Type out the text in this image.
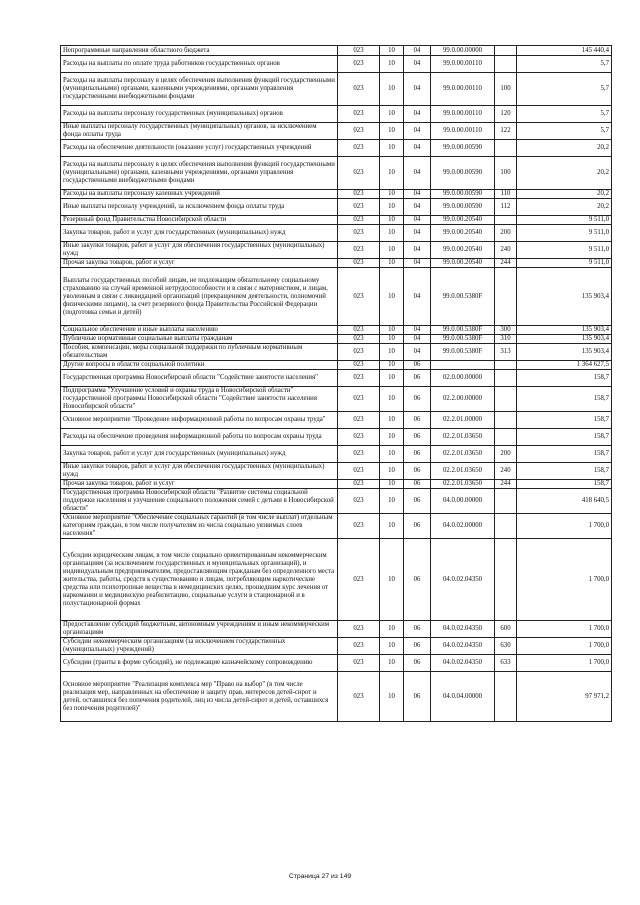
Непрограммные направления областного бюджета	023	10	04	99.0.00.00000		145 440,4
Расходы на выплаты по оплате труда работников государственных органов	023	10	04	99.0.00.00110		5,7
Расходы на выплаты персоналу в целях обеспечения выполнения функций государственными (муниципальными) органами, казенными учреждениями, органами управления государственными внебюджетными фондами	023	10	04	99.0.00.00110	100	5,7
Расходы на выплаты персоналу государственных (муниципальных) органов	023	10	04	99.0.00.00110	120	5,7
Иные выплаты персоналу государственных (муниципальных) органов, за исключением фонда оплаты труда	023	10	04	99.0.00.00110	122	5,7
Расходы на обеспечение деятельности (оказание услуг) государственных учреждений	023	10	04	99.0.00.00590		20,2
Расходы на выплаты персоналу в целях обеспечения выполнения функций государственными (муниципальными) органами, казенными учреждениями, органами управления государственными внебюджетными фондами	023	10	04	99.0.00.00590	100	20,2
Расходы на выплаты персоналу казенных учреждений	023	10	04	99.0.00.00590	110	20,2
Иные выплаты персоналу учреждений, за исключением фонда оплаты труда	023	10	04	99.0.00.00590	112	20,2
Резервный фонд Правительства Новосибирской области	023	10	04	99.0.00.20540		9 511,0
Закупка товаров, работ и услуг для государственных (муниципальных) нужд	023	10	04	99.0.00.20540	200	9 511,0
Иные закупки товаров, работ и услуг для обеспечения государственных (муниципальных) нужд	023	10	04	99.0.00.20540	240	9 511,0
Прочая закупка товаров, работ и услуг	023	10	04	99.0.00.20540	244	9 511,0
Выплаты государственных пособий лицам, не подлежащим обязательному социальному страхованию на случай временной нетрудоспособности и в связи с материнством, и лицам, уволенным в связи с ликвидацией организаций (прекращением деятельности, полномочий физическими лицами), за счет резервного фонда Правительства Российской Федерации (подготовка семьи и детей)	023	10	04	99.0.00.5380F		135 903,4
Социальное обеспечение и иные выплаты населению	023	10	04	99.0.00.5380F	300	135 903,4
Публичные нормативные социальные выплаты гражданам	023	10	04	99.0.00.5380F	310	135 903,4
Пособия, компенсации, меры социальной поддержки по публичным нормативным обязательствам	023	10	04	99.0.00.5380F	313	135 903,4
Другие вопросы в области социальной политики	023	10	06			1 364 627,5
Государственная программа Новосибирской области "Содействие занятости населения"	023	10	06	02.0.00.00000		158,7
Подпрограмма "Улучшение условий и охраны труда в Новосибирской области" государственной программы Новосибирской области "Содействие занятости населения Новосибирской области"	023	10	06	02.2.00.00000		158,7
Основное мероприятие "Проведение информационной работы по вопросам охраны труда"	023	10	06	02.2.01.00000		158,7
Расходы на обеспечение проведения информационной работы по вопросам охраны труда	023	10	06	02.2.01.03650		158,7
Закупка товаров, работ и услуг для государственных (муниципальных) нужд	023	10	06	02.2.01.03650	200	158,7
Иные закупки товаров, работ и услуг для обеспечения государственных (муниципальных) нужд	023	10	06	02.2.01.03650	240	158,7
Прочая закупка товаров, работ и услуг	023	10	06	02.2.01.03650	244	158,7
Государственная программа Новосибирской области "Развитие системы социальной поддержки населения и улучшение социального положения семей с детьми в Новосибирской области"	023	10	06	04.0.00.00000		418 640,5
Основное мероприятие "Обеспечение социальных гарантий (в том числе выплат) отдельным категориям граждан, в том числе получателям из числа социально уязвимых слоев населения"	023	10	06	04.0.02.00000		1 700,0
Субсидии юридическим лицам, в том числе социально ориентированным некоммерческим организациям (за исключением государственных и муниципальных организаций), и индивидуальным предпринимателям, предоставляющим гражданам без определенного места жительства, работы, средств к существованию и лицам, потребляющим наркотические средства или психотропные вещества в немедицинских целях, прошедшим курс лечения от наркомании и медицинскую реабилитацию, социальные услуги в стационарной и в полустационарной формах	023	10	06	04.0.02.04350		1 700,0
Предоставление субсидий бюджетным, автономным учреждениям и иным некоммерческим организациям	023	10	06	04.0.02.04350	600	1 700,0
Субсидии некоммерческим организациям (за исключением государственных (муниципальных) учреждений)	023	10	06	04.0.02.04350	630	1 700,0
Субсидии (гранты в форме субсидий), не подлежащие казначейскому сопровождению	023	10	06	04.0.02.04350	633	1 700,0
Основное мероприятие "Реализация комплекса мер "Право на выбор" (в том числе реализация мер, направленных на обеспечение и защиту прав, интересов детей-сирот и детей, оставшихся без попечения родителей, лиц из числа детей-сирот и детей, оставшихся без попечения родителей)"	023	10	06	04.0.04.00000		97 971,2
Страница 27 из 149
